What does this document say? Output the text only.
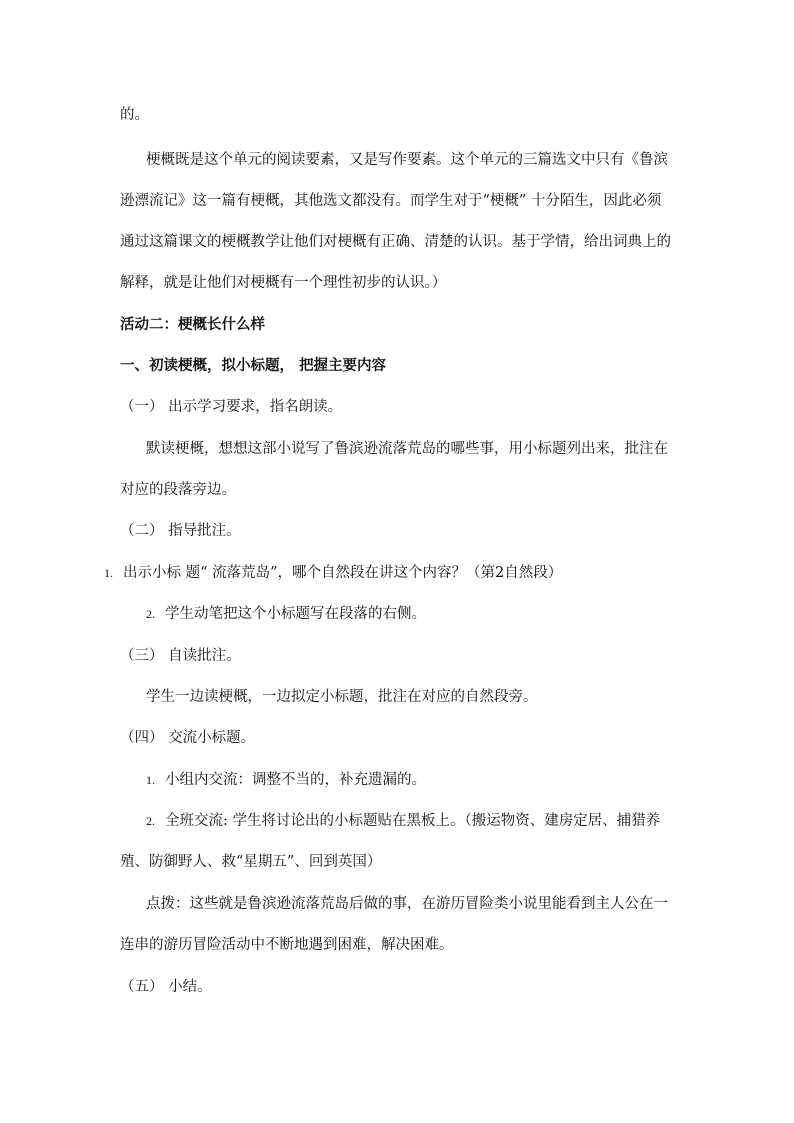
的。
梗概既是这个单元的阅读要素，又是写作要素。这个单元的三篇选文中只有《鲁滨
逊漂流记》这一篇有梗概，其他选文都没有。而学生对于“梗概” 十分陌生，因此必须
通过这篇课文的梗概教学让他们对梗概有正确、清楚的认识。基于学情，给出词典上的
解释，就是让他们对梗概有一个理性初步的认识。）
活动二：梗概长什么样
一、初读梗概，拟小标题， 把握主要内容
（一） 出示学习要求，指名朗读。
默读梗概，想想这部小说写了鲁滨逊流落荒岛的哪些事，用小标题列出来，批注在
对应的段落旁边。
（二） 指导批注。
1. 出示小标 题“ 流落荒岛”，哪个自然段在讲这个内容？（第2自然段）
2. 学生动笔把这个小标题写在段落的右侧。
（三） 自读批注。
学生一边读梗概，一边拟定小标题，批注在对应的自然段旁。
（四） 交流小标题。
1. 小组内交流：调整不当的，补充遗漏的。
2. 全班交流: 学生将讨论出的小标题贴在黑板上。（搬运物资、建房定居、捕猎养
殖、防御野人、救“星期五”、回到英国）
点拨：这些就是鲁滨逊流落荒岛后做的事，在游历冒险类小说里能看到主人公在一
连串的游历冒险活动中不断地遇到困难，解决困难。
（五） 小结。
